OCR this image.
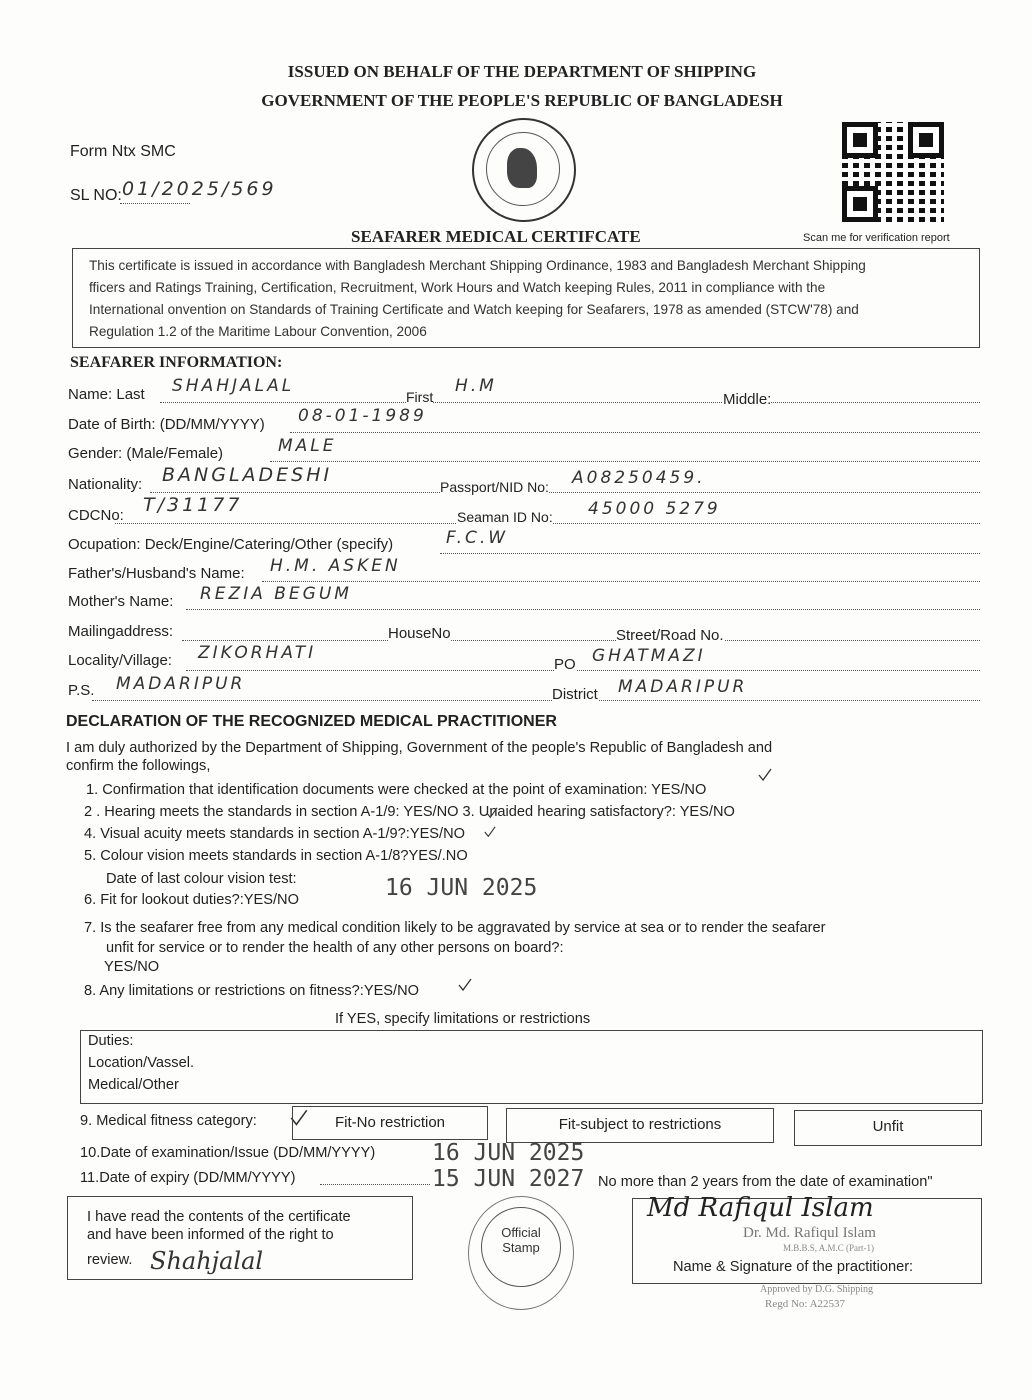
ISSUED ON BEHALF OF THE DEPARTMENT OF SHIPPING
GOVERNMENT OF THE PEOPLE'S REPUBLIC OF BANGLADESH
Form Ntx SMC
SL NO: 01/2025/569
Scan me for verification report
SEAFARER MEDICAL CERTIFCATE
This certificate is issued in accordance with Bangladesh Merchant Shipping Ordinance, 1983 and Bangladesh Merchant Shipping
fficers and Ratings Training, Certification, Recruitment, Work Hours and Watch keeping Rules, 2011 in compliance with the
International onvention on Standards of Training Certificate and Watch keeping for Seafarers, 1978 as amended (STCW'78) and
Regulation 1.2 of the Maritime Labour Convention, 2006
SEAFARER INFORMATION:
Name: Last SHAHJALAL
First
H.M
Middle:
Date of Birth: (DD/MM/YYYY) 08-01-1989
Gender: (Male/Female)	MALE
Nationality: BANGLADESHI
Passport/NID No: A08250459.
CDCNo: T/31177
Seaman ID No: 45000 5279
Ocupation: Deck/Engine/Catering/Other (specify)	F.C.W
Father's/Husband's Name: H.M. ASKEN
Mother's Name: REZIA BEGUM
Mailingaddress:	HouseNo	Street/Road No.
Locality/Village: ZIKORHATI
PO GHATMAZI
P.S. MADARIPUR
District MADARIPUR
DECLARATION OF THE RECOGNIZED MEDICAL PRACTITIONER
I am duly authorized by the Department of Shipping, Government of the people's Republic of Bangladesh and
confirm the followings,
1. Confirmation that identification documents were checked at the point of examination: YES/NO
2 . Hearing meets the standards in section A-1/9: YES/NO 3. Unaided hearing satisfactory?: YES/NO
4. Visual acuity meets standards in section A-1/9?:YES/NO
5. Colour vision meets standards in section A-1/8?YES/.NO
Date of last colour vision test:	16 JUN 2025
6. Fit for lookout duties?:YES/NO
7. Is the seafarer free from any medical condition likely to be aggravated by service at sea or to render the seafarer
unfit for service or to render the health of any other persons on board?:
YES/NO
8. Any limitations or restrictions on fitness?:YES/NO
If YES, specify limitations or restrictions
Duties:
Location/Vassel.
Medical/Other
9. Medical fitness category:	Fit-No restriction	Fit-subject to restrictions	Unfit
10.Date of examination/Issue (DD/MM/YYYY) 16 JUN 2025
11.Date of expiry (DD/MM/YYYY)	15 JUN 2027 No more than 2 years from the date of examination"
I have read the contents of the certificate
and have been informed of the right to
review. Shahjalal
Official Stamp
Md Rafiqul Islam
Dr. Md. Rafiqul Islam
M.B.B.S, A.M.C (Part-1)
Name & Signature of the practitioner:
Approved by D.G. Shipping
Regd No: A22537
